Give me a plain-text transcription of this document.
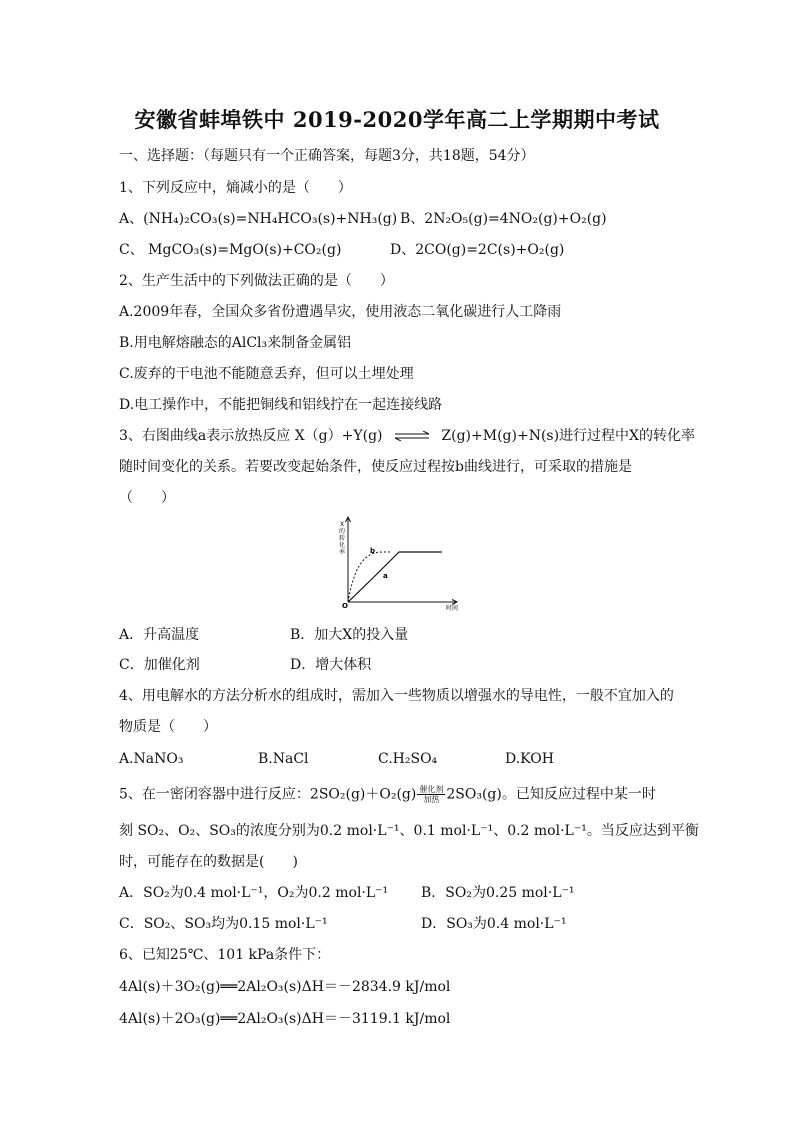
安徽省蚌埠铁中 2019-2020学年高二上学期期中考试
一、选择题：（每题只有一个正确答案，每题3分，共18题，54分）
1、下列反应中，熵减小的是（　　）
A、(NH₄)₂CO₃(s)=NH₄HCO₃(s)+NH₃(g) B、2N₂O₅(g)=4NO₂(g)+O₂(g)
C、 MgCO₃(s)=MgO(s)+CO₂(g)	D、2CO(g)=2C(s)+O₂(g)
2、生产生活中的下列做法正确的是（　　）
A.2009年春，全国众多省份遭遇旱灾，使用液态二氧化碳进行人工降雨
B.用电解熔融态的AlCl₃来制备金属铝
C.废弃的干电池不能随意丢弃，但可以土埋处理
D.电工操作中，不能把铜线和铝线拧在一起连接线路
3、右图曲线a表示放热反应 X（g）+Y(g) ⇌ Z(g)+M(g)+N(s)进行过程中X的转化率
随时间变化的关系。若要改变起始条件，使反应过程按b曲线进行，可采取的措施是
（　　）
X
的
转
化
率	b
a
O	时间
A．升高温度	B．加大X的投入量
C．加催化剂	D．增大体积
4、用电解水的方法分析水的组成时，需加入一些物质以增强水的导电性，一般不宜加入的
物质是（　　）
A.NaNO₃	B.NaCl	C.H₂SO₄	D.KOH
5、在一密闭容器中进行反应：$2SO_2(g)+O_2(g) \frac{\text{催化剂}}{\text{加热}} 2SO_3(g)$。已知反应过程中某一时
刻 SO₂、O₂、SO₃的浓度分别为0.2 mol·L⁻¹、0.1 mol·L⁻¹、0.2 mol·L⁻¹。当反应达到平衡
时，可能存在的数据是(　　)
A．SO₂为0.4 mol·L⁻¹，O₂为0.2 mol·L⁻¹ B．SO₂为0.25 mol·L⁻¹
C．SO₂、SO₃均为0.15 mol·L⁻¹	D．SO₃为0.4 mol·L⁻¹
6、已知25℃、101 kPa条件下：
4Al(s)＋3O₂(g)══2Al₂O₃(s)ΔH＝－2834.9 kJ/mol
4Al(s)＋2O₃(g)══2Al₂O₃(s)ΔH＝－3119.1 kJ/mol
